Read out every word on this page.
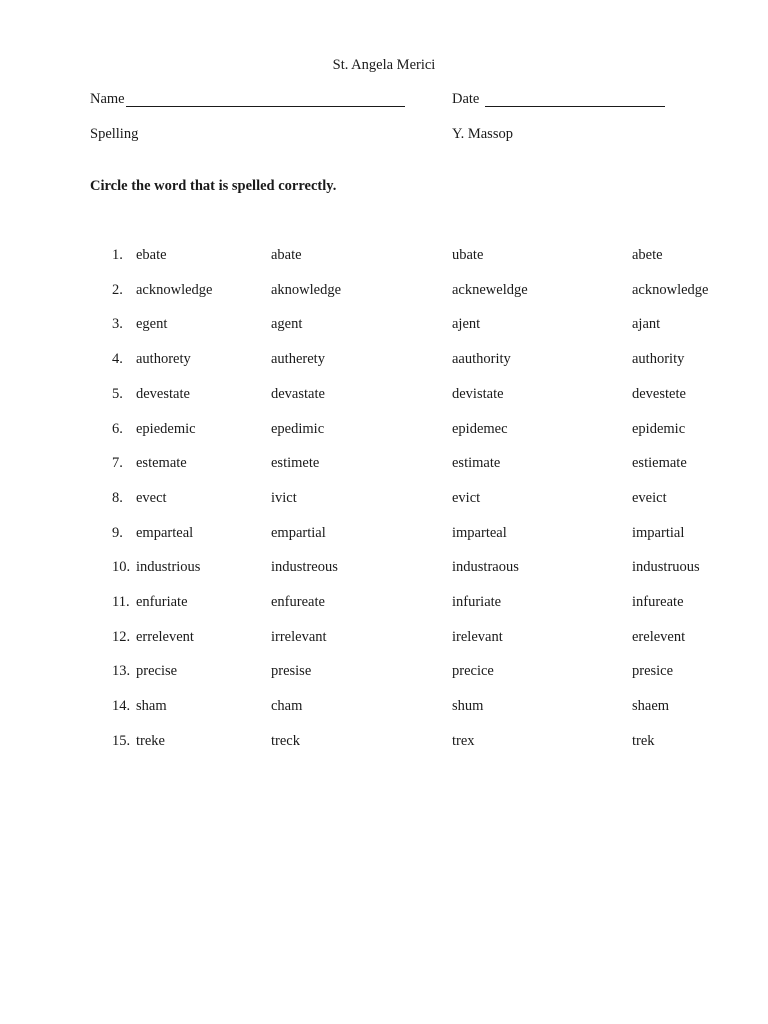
St. Angela Merici
Name	Date
Spelling	Y. Massop
Circle the word that is spelled correctly.
1. ebate	abate	ubate	abete
2. acknowledge	aknowledge	ackneweldge	acknowledge
3. egent	agent	ajent	ajant
4. authorety	autherety	aauthority	authority
5. devestate	devastate	devistate	devestete
6. epiedemic	epedimic	epidemec	epidemic
7. estemate	estimete	estimate	estiemate
8. evect	ivict	evict	eveict
9. emparteal	empartial	imparteal	impartial
10. industrious	industreous	industraous	industruous
11. enfuriate	enfureate	infuriate	infureate
12. errelevent	irrelevant	irelevant	erelevent
13. precise	presise	precice	presice
14. sham	cham	shum	shaem
15. treke	treck	trex	trek
